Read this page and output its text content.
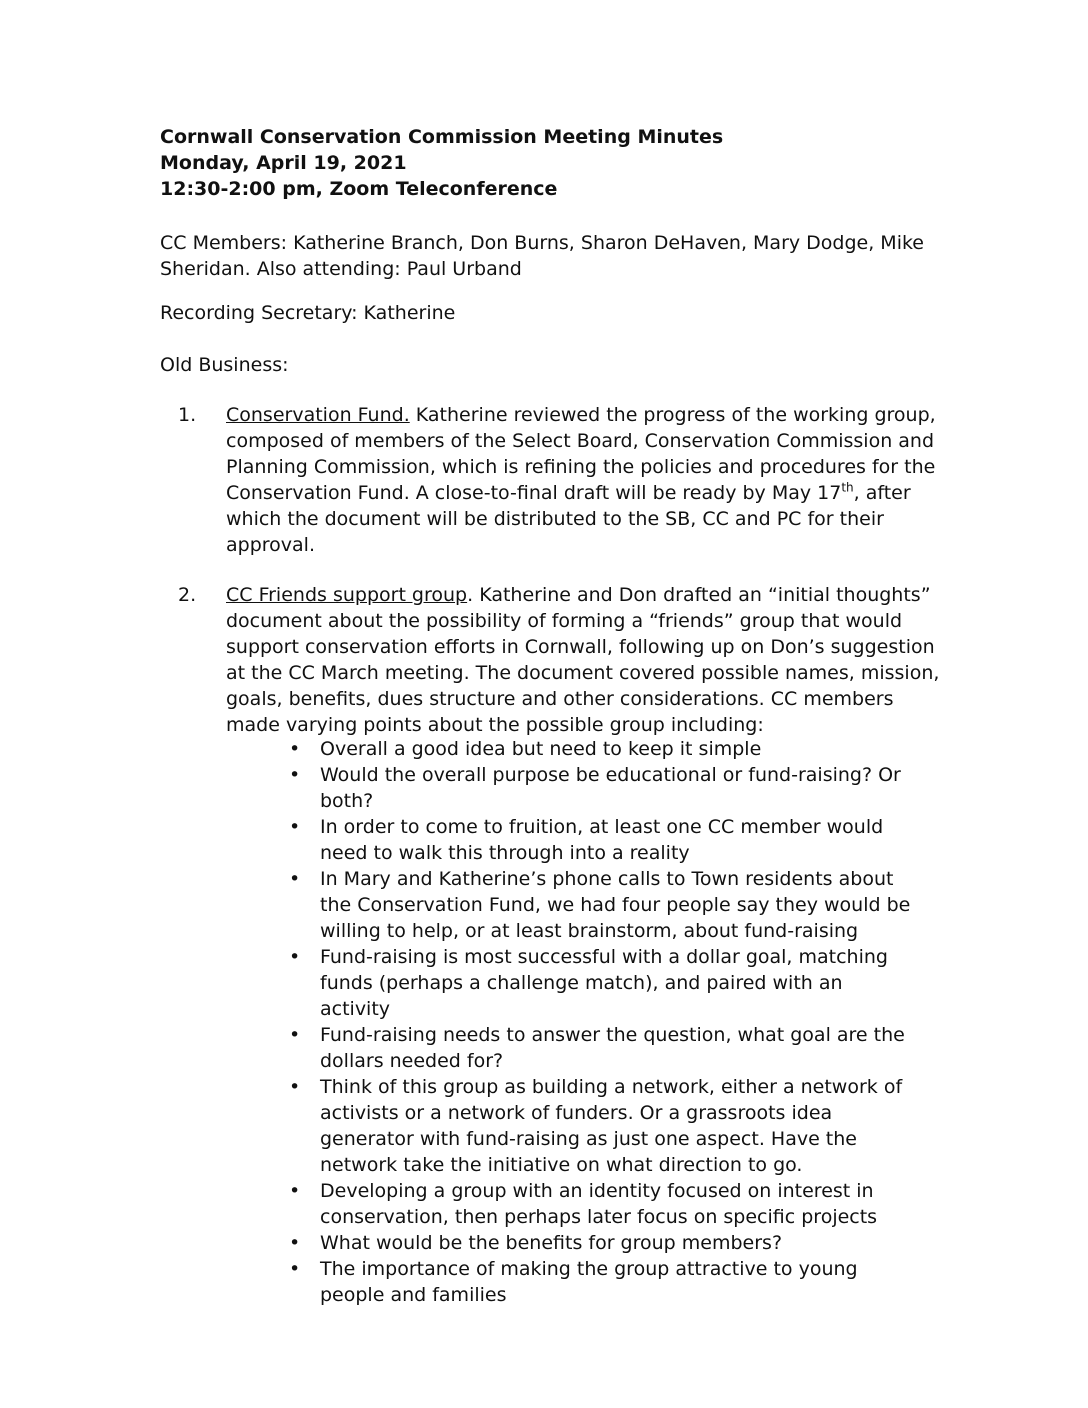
Cornwall Conservation Commission Meeting Minutes
Monday, April 19, 2021
12:30-2:00 pm, Zoom Teleconference
CC Members: Katherine Branch, Don Burns, Sharon DeHaven, Mary Dodge, Mike Sheridan. Also attending: Paul Urband
Recording Secretary: Katherine
Old Business:
1.	Conservation Fund. Katherine reviewed the progress of the working group, composed of members of the Select Board, Conservation Commission and Planning Commission, which is refining the policies and procedures for the Conservation Fund. A close-to-final draft will be ready by May 17th, after which the document will be distributed to the SB, CC and PC for their approval.
2.	CC Friends support group. Katherine and Don drafted an “initial thoughts” document about the possibility of forming a “friends” group that would support conservation efforts in Cornwall, following up on Don’s suggestion at the CC March meeting. The document covered possible names, mission, goals, benefits, dues structure and other considerations. CC members made varying points about the possible group including:
• Overall a good idea but need to keep it simple
• Would the overall purpose be educational or fund-raising? Or both?
• In order to come to fruition, at least one CC member would need to walk this through into a reality
• In Mary and Katherine’s phone calls to Town residents about the Conservation Fund, we had four people say they would be willing to help, or at least brainstorm, about fund-raising
• Fund-raising is most successful with a dollar goal, matching funds (perhaps a challenge match), and paired with an activity
• Fund-raising needs to answer the question, what goal are the dollars needed for?
• Think of this group as building a network, either a network of activists or a network of funders. Or a grassroots idea generator with fund-raising as just one aspect. Have the network take the initiative on what direction to go.
• Developing a group with an identity focused on interest in conservation, then perhaps later focus on specific projects
• What would be the benefits for group members?
• The importance of making the group attractive to young people and families
